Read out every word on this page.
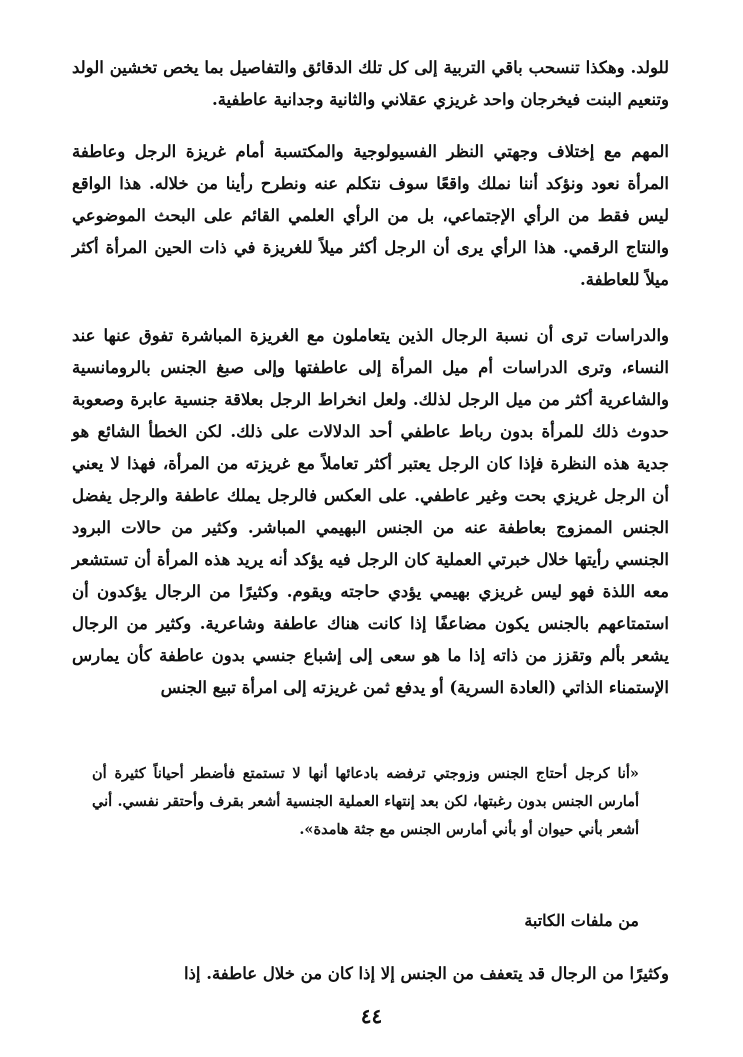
للولد. وهكذا تنسحب باقي التربية إلى كل تلك الدقائق والتفاصيل بما يخص تخشين الولد وتنعيم البنت فيخرجان واحد غريزي عقلاني والثانية وجدانية عاطفية.

المهم مع إختلاف وجهتي النظر الفسيولوجية والمكتسبة أمام غريزة الرجل وعاطفة المرأة نعود ونؤكد أننا نملك واقعًا سوف نتكلم عنه ونطرح رأينا من خلاله. هذا الواقع ليس فقط من الرأي الإجتماعي، بل من الرأي العلمي القائم على البحث الموضوعي والنتاج الرقمي. هذا الرأي يرى أن الرجل أكثر ميلاً للغريزة في ذات الحين المرأة أكثر ميلاً للعاطفة.

والدراسات ترى أن نسبة الرجال الذين يتعاملون مع الغريزة المباشرة تفوق عنها عند النساء، وترى الدراسات أم ميل المرأة إلى عاطفتها وإلى صبغ الجنس بالرومانسية والشاعرية أكثر من ميل الرجل لذلك. ولعل انخراط الرجل بعلاقة جنسية عابرة وصعوبة حدوث ذلك للمرأة بدون رباط عاطفي أحد الدلالات على ذلك. لكن الخطأ الشائع هو جدية هذه النظرة فإذا كان الرجل يعتبر أكثر تعاملاً مع غريزته من المرأة، فهذا لا يعني أن الرجل غريزي بحت وغير عاطفي. على العكس فالرجل يملك عاطفة والرجل يفضل الجنس الممزوج بعاطفة عنه من الجنس البهيمي المباشر. وكثير من حالات البرود الجنسي رأيتها خلال خبرتي العملية كان الرجل فيه يؤكد أنه يريد هذه المرأة أن تستشعر معه اللذة فهو ليس غريزي بهيمي يؤدي حاجته ويقوم. وكثيرًا من الرجال يؤكدون أن استمتاعهم بالجنس يكون مضاعفًا إذا كانت هناك عاطفة وشاعرية. وكثير من الرجال يشعر بألم وتقزز من ذاته إذا ما هو سعى إلى إشباع جنسي بدون عاطفة كأن يمارس الإستمناء الذاتي (العادة السرية) أو يدفع ثمن غريزته إلى امرأة تبيع الجنس

«أنا كرجل أحتاج الجنس وزوجتي ترفضه بادعائها أنها لا تستمتع فأضطر أحياناً كثيرة أن أمارس الجنس بدون رغبتها، لكن بعد إنتهاء العملية الجنسية أشعر بقرف وأحتقر نفسي. أني أشعر بأني حيوان أو بأني أمارس الجنس مع جثة هامدة».

من ملفات الكاتبة

وكثيرًا من الرجال قد يتعفف من الجنس إلا إذا كان من خلال عاطفة. إذا

٤٤
